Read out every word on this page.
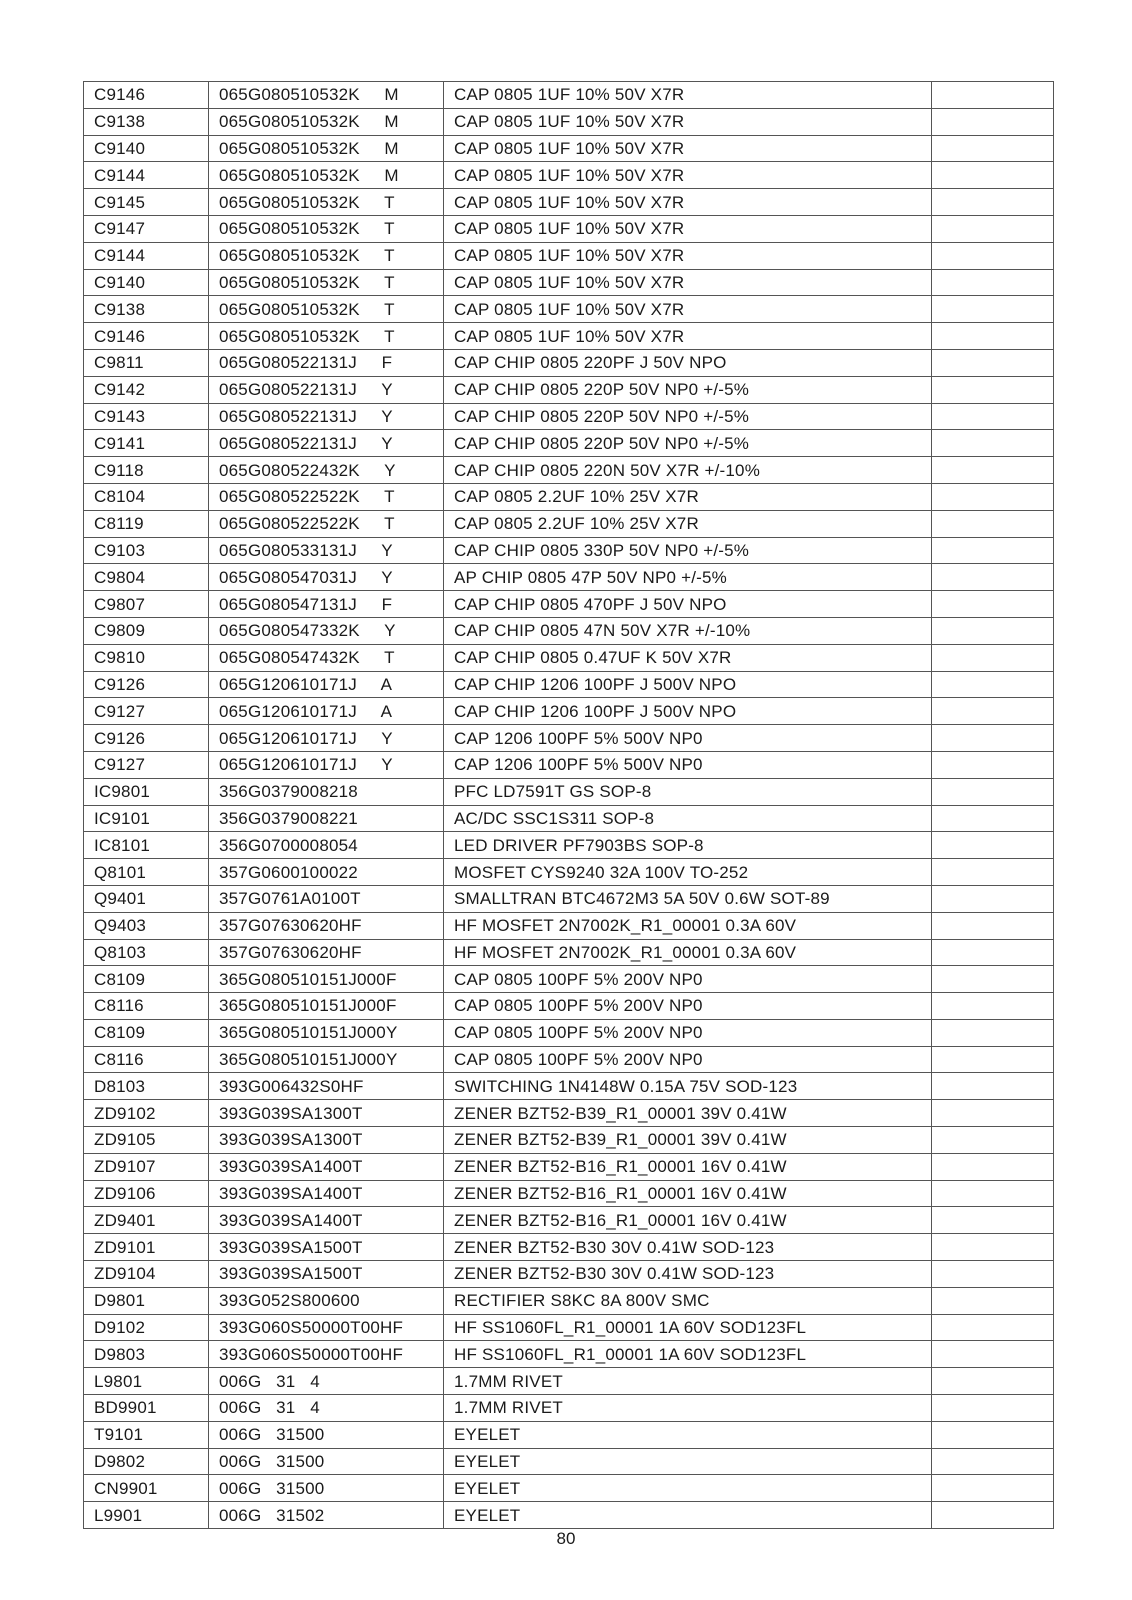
C9146	065G080510532K     M	CAP 0805 1UF 10% 50V X7R	
C9138	065G080510532K     M	CAP 0805 1UF 10% 50V X7R	
C9140	065G080510532K     M	CAP 0805 1UF 10% 50V X7R	
C9144	065G080510532K     M	CAP 0805 1UF 10% 50V X7R	
C9145	065G080510532K     T	CAP 0805 1UF 10% 50V X7R	
C9147	065G080510532K     T	CAP 0805 1UF 10% 50V X7R	
C9144	065G080510532K     T	CAP 0805 1UF 10% 50V X7R	
C9140	065G080510532K     T	CAP 0805 1UF 10% 50V X7R	
C9138	065G080510532K     T	CAP 0805 1UF 10% 50V X7R	
C9146	065G080510532K     T	CAP 0805 1UF 10% 50V X7R	
C9811	065G080522131J     F	CAP CHIP 0805 220PF J 50V NPO	
C9142	065G080522131J     Y	CAP CHIP 0805 220P 50V NP0 +/-5%	
C9143	065G080522131J     Y	CAP CHIP 0805 220P 50V NP0 +/-5%	
C9141	065G080522131J     Y	CAP CHIP 0805 220P 50V NP0 +/-5%	
C9118	065G080522432K     Y	CAP CHIP 0805 220N 50V X7R +/-10%	
C8104	065G080522522K     T	CAP 0805 2.2UF 10% 25V X7R	
C8119	065G080522522K     T	CAP 0805 2.2UF 10% 25V X7R	
C9103	065G080533131J     Y	CAP CHIP 0805 330P 50V NP0 +/-5%	
C9804	065G080547031J     Y	AP CHIP 0805 47P 50V NP0 +/-5%	
C9807	065G080547131J     F	CAP CHIP 0805 470PF J 50V NPO	
C9809	065G080547332K     Y	CAP CHIP 0805 47N 50V X7R +/-10%	
C9810	065G080547432K     T	CAP CHIP 0805 0.47UF K 50V X7R	
C9126	065G120610171J     A	CAP CHIP 1206 100PF J 500V NPO	
C9127	065G120610171J     A	CAP CHIP 1206 100PF J 500V NPO	
C9126	065G120610171J     Y	CAP 1206 100PF 5% 500V NP0	
C9127	065G120610171J     Y	CAP 1206 100PF 5% 500V NP0	
IC9801	356G0379008218	PFC LD7591T GS SOP-8	
IC9101	356G0379008221	AC/DC SSC1S311 SOP-8	
IC8101	356G0700008054	LED DRIVER PF7903BS SOP-8	
Q8101	357G0600100022	MOSFET CYS9240 32A 100V TO-252	
Q9401	357G0761A0100T	SMALLTRAN BTC4672M3 5A 50V 0.6W SOT-89	
Q9403	357G07630620HF	HF MOSFET 2N7002K_R1_00001 0.3A 60V	
Q8103	357G07630620HF	HF MOSFET 2N7002K_R1_00001 0.3A 60V	
C8109	365G080510151J000F	CAP 0805 100PF 5% 200V NP0	
C8116	365G080510151J000F	CAP 0805 100PF 5% 200V NP0	
C8109	365G080510151J000Y	CAP 0805 100PF 5% 200V NP0	
C8116	365G080510151J000Y	CAP 0805 100PF 5% 200V NP0	
D8103	393G006432S0HF	SWITCHING 1N4148W 0.15A 75V SOD-123	
ZD9102	393G039SA1300T	ZENER BZT52-B39_R1_00001 39V 0.41W	
ZD9105	393G039SA1300T	ZENER BZT52-B39_R1_00001 39V 0.41W	
ZD9107	393G039SA1400T	ZENER BZT52-B16_R1_00001 16V 0.41W	
ZD9106	393G039SA1400T	ZENER BZT52-B16_R1_00001 16V 0.41W	
ZD9401	393G039SA1400T	ZENER BZT52-B16_R1_00001 16V 0.41W	
ZD9101	393G039SA1500T	ZENER BZT52-B30 30V 0.41W SOD-123	
ZD9104	393G039SA1500T	ZENER BZT52-B30 30V 0.41W SOD-123	
D9801	393G052S800600	RECTIFIER S8KC 8A 800V SMC	
D9102	393G060S50000T00HF	HF SS1060FL_R1_00001 1A 60V SOD123FL	
D9803	393G060S50000T00HF	HF SS1060FL_R1_00001 1A 60V SOD123FL	
L9801	006G   31   4	1.7MM RIVET	
BD9901	006G   31   4	1.7MM RIVET	
T9101	006G   31500	EYELET	
D9802	006G   31500	EYELET	
CN9901	006G   31500	EYELET	
L9901	006G   31502	EYELET	
80
